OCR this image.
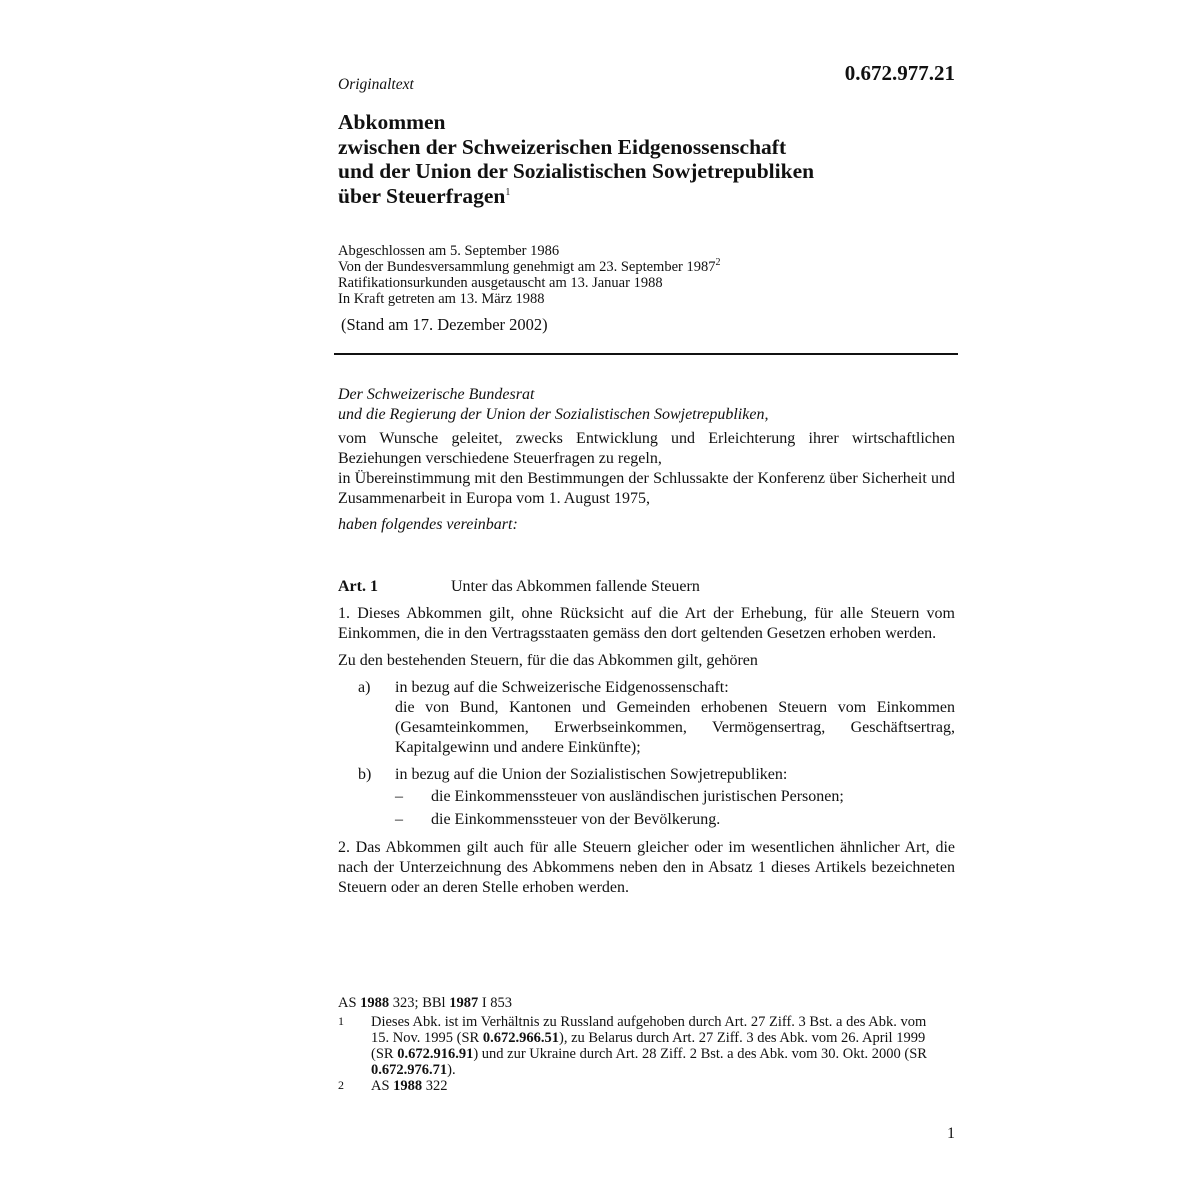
0.672.977.21
Originaltext
Abkommen
zwischen der Schweizerischen Eidgenossenschaft
und der Union der Sozialistischen Sowjetrepubliken
über Steuerfragen$^1$
Abgeschlossen am 5. September 1986
Von der Bundesversammlung genehmigt am 23. September 1987$^2$
Ratifikationsurkunden ausgetauscht am 13. Januar 1988
In Kraft getreten am 13. März 1988
(Stand am 17. Dezember 2002)
Der Schweizerische Bundesrat
und die Regierung der Union der Sozialistischen Sowjetrepubliken,

vom Wunsche geleitet, zwecks Entwicklung und Erleichterung ihrer wirtschaftlichen Beziehungen verschiedene Steuerfragen zu regeln,

in Übereinstimmung mit den Bestimmungen der Schlussakte der Konferenz über Sicherheit und Zusammenarbeit in Europa vom 1. August 1975,

haben folgendes vereinbart:

Art. 1	Unter das Abkommen fallende Steuern

1. Dieses Abkommen gilt, ohne Rücksicht auf die Art der Erhebung, für alle Steuern vom Einkommen, die in den Vertragsstaaten gemäss den dort geltenden Gesetzen erhoben werden.

Zu den bestehenden Steuern, für die das Abkommen gilt, gehören

a)	in bezug auf die Schweizerische Eidgenossenschaft:
die von Bund, Kantonen und Gemeinden erhobenen Steuern vom Einkommen (Gesamteinkommen, Erwerbseinkommen, Vermögensertrag, Geschäftsertrag, Kapitalgewinn und andere Einkünfte);
b)	in bezug auf die Union der Sozialistischen Sowjetrepubliken:
–	die Einkommenssteuer von ausländischen juristischen Personen;
–	die Einkommenssteuer von der Bevölkerung.

2. Das Abkommen gilt auch für alle Steuern gleicher oder im wesentlichen ähnlicher Art, die nach der Unterzeichnung des Abkommens neben den in Absatz 1 dieses Artikels bezeichneten Steuern oder an deren Stelle erhoben werden.

AS 1988 323; BBl 1987 I 853
1	Dieses Abk. ist im Verhältnis zu Russland aufgehoben durch Art. 27 Ziff. 3 Bst. a des Abk. vom 15. Nov. 1995 (SR 0.672.966.51), zu Belarus durch Art. 27 Ziff. 3 des Abk. vom 26. April 1999 (SR 0.672.916.91) und zur Ukraine durch Art. 28 Ziff. 2 Bst. a des Abk. vom 30. Okt. 2000 (SR 0.672.976.71).
2	AS 1988 322
1
